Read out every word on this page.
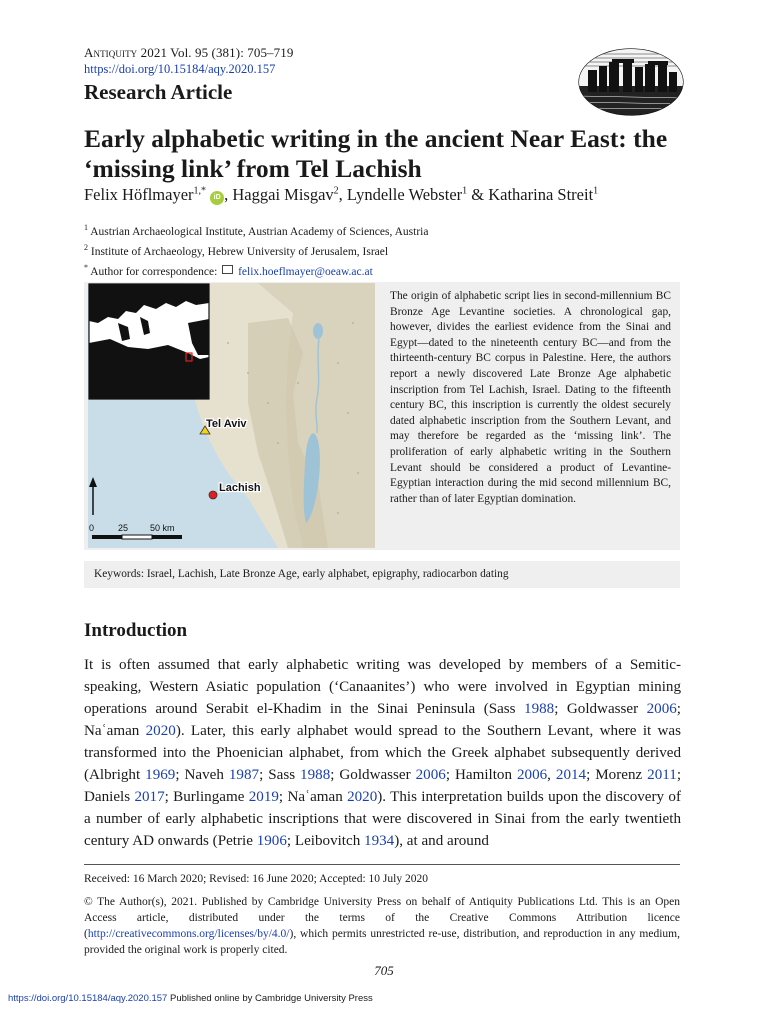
Antiquity 2021 Vol. 95 (381): 705–719
https://doi.org/10.15184/aqy.2020.157
Research Article
Early alphabetic writing in the ancient Near East: the ‘missing link’ from Tel Lachish
Felix Höflmayer$^{1,*}$ iD , Haggai Misgav$^2$, Lyndelle Webster$^1$ & Katharina Streit$^1$
$^1$ Austrian Archaeological Institute, Austrian Academy of Sciences, Austria
$^2$ Institute of Archaeology, Hebrew University of Jerusalem, Israel
* Author for correspondence:  felix.hoeflmayer@oeaw.ac.at
0	25 50 km
Tel Aviv
Lachish
The origin of alphabetic script lies in second-millennium BC Bronze Age Levantine societies. A chronological gap, however, divides the earliest evidence from the Sinai and Egypt—dated to the nineteenth century BC—and from the thirteenth-century BC corpus in Palestine. Here, the authors report a newly discovered Late Bronze Age alphabetic inscription from Tel Lachish, Israel. Dating to the fifteenth century BC, this inscription is currently the oldest securely dated alphabetic inscription from the Southern Levant, and may therefore be regarded as the ‘missing link’. The proliferation of early alphabetic writing in the Southern Levant should be considered a product of Levantine-Egyptian interaction during the mid second millennium BC, rather than of later Egyptian domination.
Keywords: Israel, Lachish, Late Bronze Age, early alphabet, epigraphy, radiocarbon dating
Introduction
It is often assumed that early alphabetic writing was developed by members of a Semitic-speaking, Western Asiatic population (‘Canaanites’) who were involved in Egyptian mining operations around Serabit el-Khadim in the Sinai Peninsula (Sass 1988; Goldwasser 2006; Naʿaman 2020). Later, this early alphabet would spread to the Southern Levant, where it was transformed into the Phoenician alphabet, from which the Greek alphabet subsequently derived (Albright 1969; Naveh 1987; Sass 1988; Goldwasser 2006; Hamilton 2006, 2014; Morenz 2011; Daniels 2017; Burlingame 2019; Naʿaman 2020). This interpretation builds upon the discovery of a number of early alphabetic inscriptions that were discovered in Sinai from the early twentieth century AD onwards (Petrie 1906; Leibovitch 1934), at and around
Received: 16 March 2020; Revised: 16 June 2020; Accepted: 10 July 2020
© The Author(s), 2021. Published by Cambridge University Press on behalf of Antiquity Publications Ltd. This is an Open Access article, distributed under the terms of the Creative Commons Attribution licence (http://creativecommons.org/licenses/by/4.0/), which permits unrestricted re-use, distribution, and reproduction in any medium, provided the original work is properly cited.
705
https://doi.org/10.15184/aqy.2020.157 Published online by Cambridge University Press
